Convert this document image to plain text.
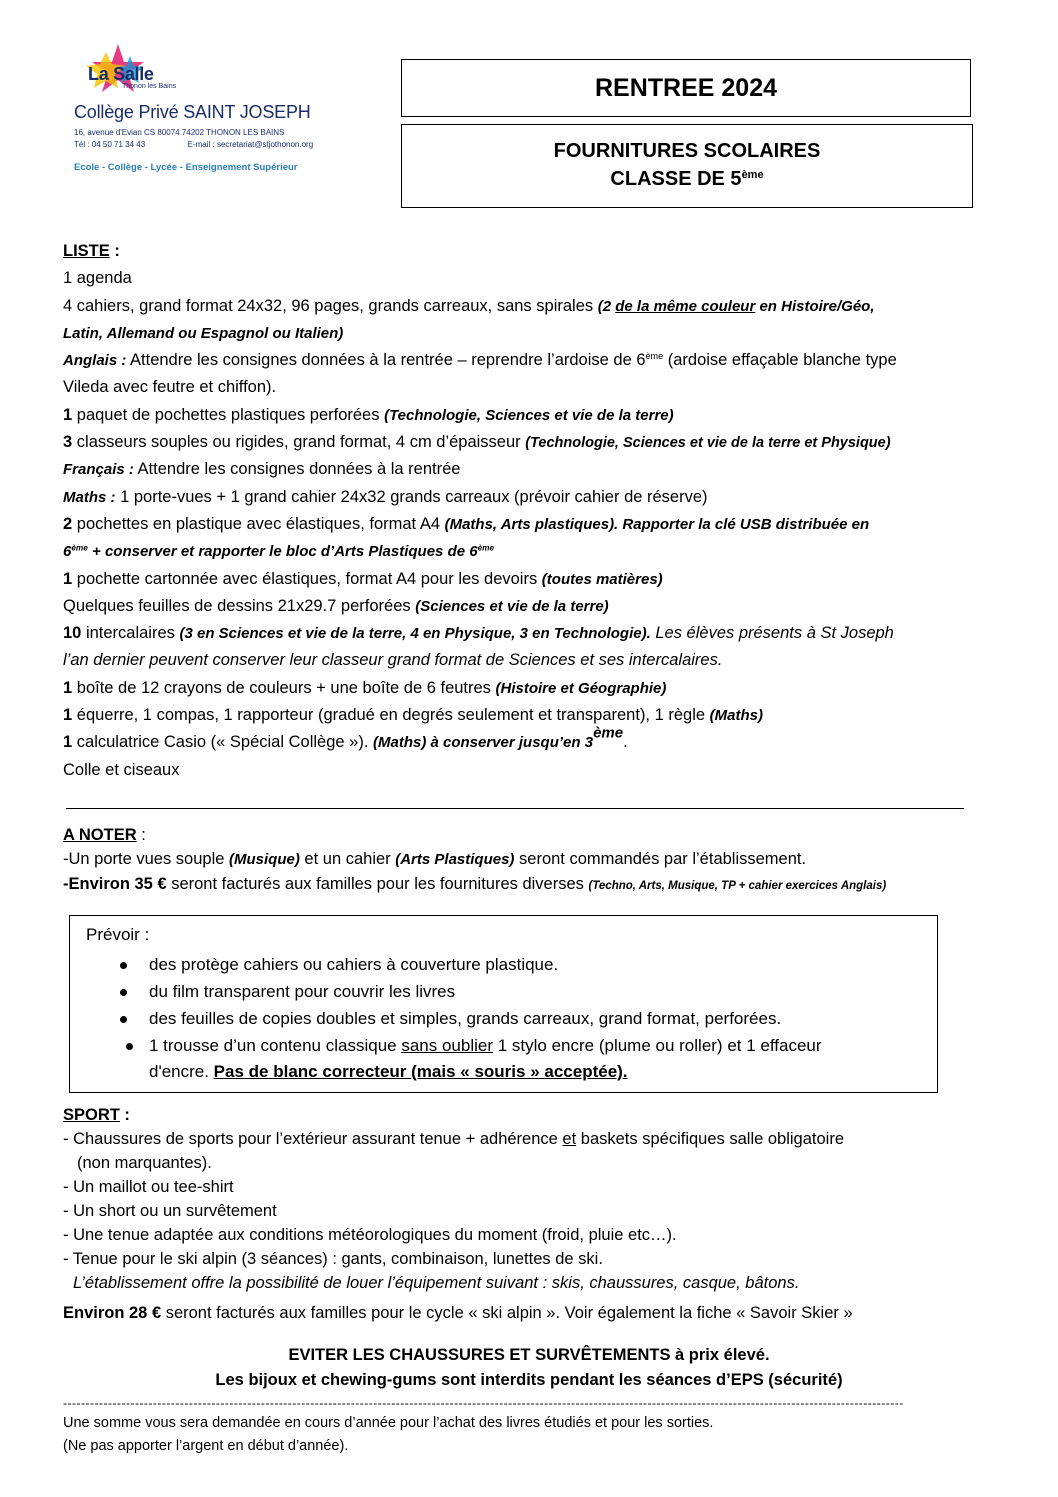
La Salle
Thonon les Bains
Collège Privé SAINT JOSEPH
16, avenue d'Evian CS 80074 74202 THONON LES BAINS
Tél : 04 50 71 34 43	E-mail : secretariat@stjothonon.org
Ecole - Collège - Lycée - Enseignement Supérieur
RENTREE 2024
FOURNITURES SCOLAIRES
CLASSE DE 5ème
LISTE :
1 agenda
4 cahiers, grand format 24x32, 96 pages, grands carreaux, sans spirales (2 de la même couleur en Histoire/Géo,
Latin, Allemand ou Espagnol ou Italien)
Anglais : Attendre les consignes données à la rentrée – reprendre l’ardoise de 6ème (ardoise effaçable blanche type
Vileda avec feutre et chiffon).
1 paquet de pochettes plastiques perforées (Technologie, Sciences et vie de la terre)
3 classeurs souples ou rigides, grand format, 4 cm d’épaisseur (Technologie, Sciences et vie de la terre et Physique)
Français : Attendre les consignes données à la rentrée
Maths : 1 porte-vues + 1 grand cahier 24x32 grands carreaux (prévoir cahier de réserve)
2 pochettes en plastique avec élastiques, format A4 (Maths, Arts plastiques). Rapporter la clé USB distribuée en
6ème + conserver et rapporter le bloc d’Arts Plastiques de 6ème
1 pochette cartonnée avec élastiques, format A4 pour les devoirs (toutes matières)
Quelques feuilles de dessins 21x29.7 perforées (Sciences et vie de la terre)
10 intercalaires (3 en Sciences et vie de la terre, 4 en Physique, 3 en Technologie). Les élèves présents à St Joseph
l’an dernier peuvent conserver leur classeur grand format de Sciences et ses intercalaires.
1 boîte de 12 crayons de couleurs + une boîte de 6 feutres (Histoire et Géographie)
1 équerre, 1 compas, 1 rapporteur (gradué en degrés seulement et transparent), 1 règle (Maths)
1 calculatrice Casio (« Spécial Collège »). (Maths) à conserver jusqu’en 3ème.
Colle et ciseaux
A NOTER :
-Un porte vues souple (Musique) et un cahier (Arts Plastiques) seront commandés par l’établissement.
-Environ 35 € seront facturés aux familles pour les fournitures diverses (Techno, Arts, Musique, TP + cahier exercices Anglais)
Prévoir :
des protège cahiers ou cahiers à couverture plastique.
du film transparent pour couvrir les livres
des feuilles de copies doubles et simples, grands carreaux, grand format, perforées.
1 trousse d’un contenu classique sans oublier 1 stylo encre (plume ou roller) et 1 effaceur
d'encre. Pas de blanc correcteur (mais « souris » acceptée).
SPORT :
- Chaussures de sports pour l’extérieur assurant tenue + adhérence et baskets spécifiques salle obligatoire
(non marquantes).
- Un maillot ou tee-shirt
- Un short ou un survêtement
- Une tenue adaptée aux conditions météorologiques du moment (froid, pluie etc…).
- Tenue pour le ski alpin (3 séances) : gants, combinaison, lunettes de ski.
L’établissement offre la possibilité de louer l’équipement suivant : skis, chaussures, casque, bâtons.
Environ 28 € seront facturés aux familles pour le cycle « ski alpin ». Voir également la fiche « Savoir Skier »
EVITER LES CHAUSSURES ET SURVÊTEMENTS à prix élevé.
Les bijoux et chewing-gums sont interdits pendant les séances d’EPS (sécurité)
-------------------------------------------------------------------------------------------------------------------------------------------------------------------------------------------
Une somme vous sera demandée en cours d’année pour l’achat des livres étudiés et pour les sorties.
(Ne pas apporter l’argent en début d’année).
